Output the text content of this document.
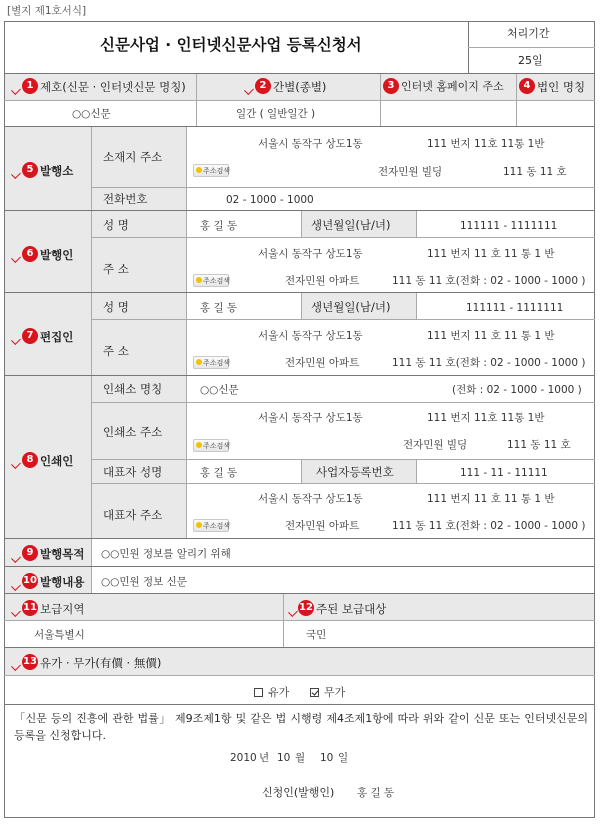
[별지 제1호서식]
신문사업 · 인터넷신문사업 등록신청서
처리기간
25일
1 제호(신문 · 인터넷신문 명칭)	2 간별(종별)	3 인터넷 홈페이지 주소	4 법인 명칭
○○신문	일간 ( 일반일간 )
5 발행소
소재지 주소
서울시 동작구 상도1동	111 번지 11호 11통 1반
주소검색	전자민원 빌딩	111 동 11 호
전화번호	02 - 1000 - 1000
6 발행인
성 명	홍 길 동	생년월일(남/녀)	111111 - 1111111
주 소
서울시 동작구 상도1동	111 번지 11 호 11 통 1 반
주소검색	전자민원 아파트	111 동 11 호(전화 : 02 - 1000 - 1000 )
7 편집인
성 명	홍 길 동	생년월일(남/녀)	111111 - 1111111
주 소
서울시 동작구 상도1동	111 번지 11 호 11 통 1 반
주소검색	전자민원 아파트	111 동 11 호(전화 : 02 - 1000 - 1000 )
8 인쇄인
인쇄소 명칭	○○신문	(전화 : 02 - 1000 - 1000 )
인쇄소 주소
서울시 동작구 상도1동	111 번지 11호 11통 1반
주소검색	전자민원 빌딩	111 동 11 호
대표자 성명	홍 길 동	사업자등록번호	111 - 11 - 11111
대표자 주소
서울시 동작구 상도1동	111 번지 11 호 11 통 1 반
주소검색	전자민원 아파트	111 동 11 호(전화 : 02 - 1000 - 1000 )
9 발행목적 ○○민원 정보를 알리기 위해
10 발행내용 ○○민원 정보 신문
11 보급지역
서울특별시
12 주된 보급대상
국민
13 유가 · 무가(有價 · 無價)
유가	무가
「신문 등의 진흥에 관한 법률」 제9조제1항 및 같은 법 시행령 제4조제1항에 따라 위와 같이 신문 또는 인터넷신문의 등록을 신청합니다.
2010 년 10 월 10 일
신청인(발행인) 홍 길 동
